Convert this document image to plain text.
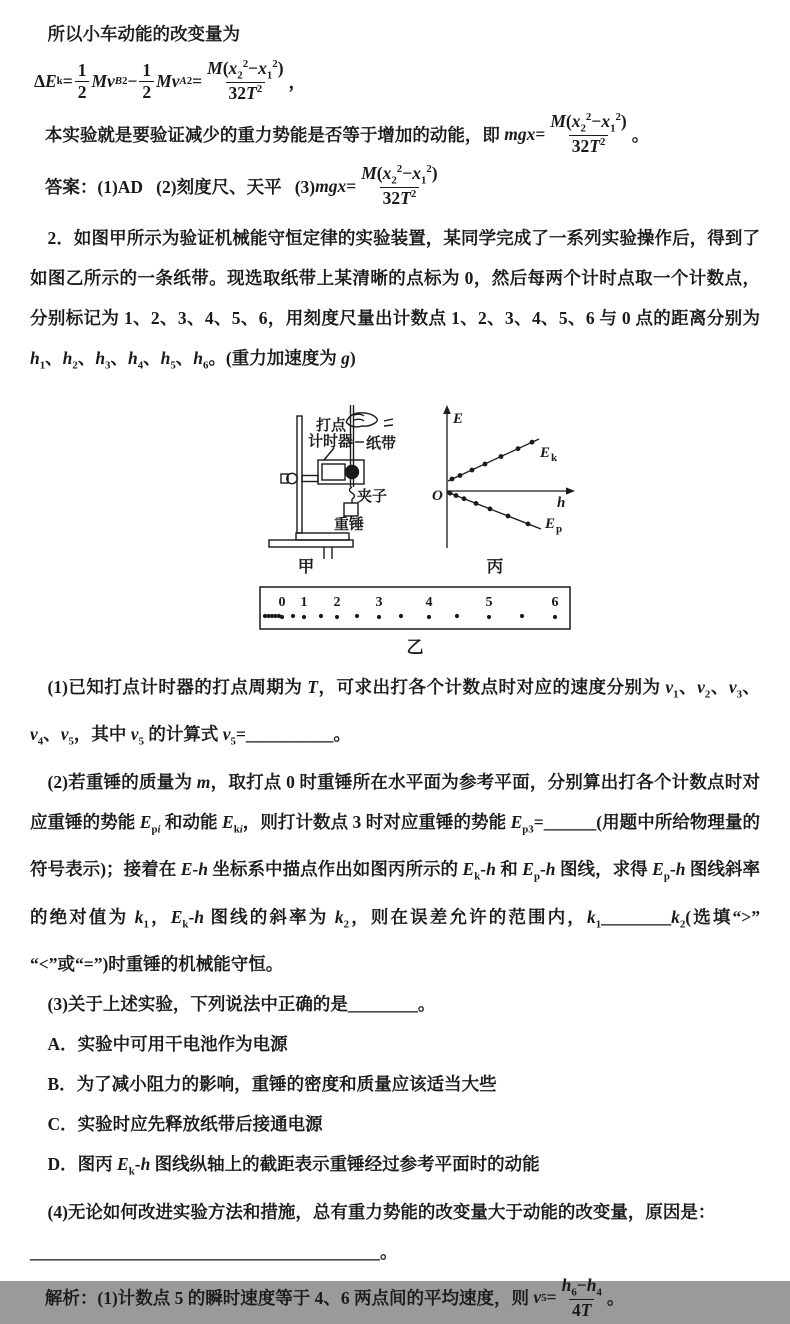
所以小车动能的改变量为

Δ E $k = \frac{1}{2}$ M v B $2 - \frac{1}{2}$ M v A $2 = \frac{M(x_2^2-x_1^2)}{32T^2}$ ，

本实验就是要验证减少的重力势能是否等于增加的动能，即 mgx = $\frac{M(x_2^2-x_1^2)}{32T^2}$ 。

答案： (1)AD   (2)刻度尺、天平   (3) mgx = $\frac{M(x_2^2-x_1^2)}{32T^2}$

2．如图甲所示为验证机械能守恒定律的实验装置，某同学完成了一系列实验操作后，得到了如图乙所示的一条纸带。现选取纸带上某清晰的点标为 0，然后每两个计时点取一个计数点，分别标记为 1、2、3、4、5、6，用刻度尺量出计数点 1、2、3、4、5、6 与 0 点的距离分别为 $h_1$、$h_2$、$h_3$、$h_4$、$h_5$、$h_6$。(重力加速度为 g)

打点
计时器 纸带
夹子
重锤
甲
E
O	h
E k
E p
丙
0 1 2	3	4	5	6
乙

(1)已知打点计时器的打点周期为 T，可求出打各个计数点时对应的速度分别为 $v_1$、$v_2$、$v_3$、$v_4$、$v_5$，其中 $v_5$ 的计算式 $v_5=\_\_\_\_\_\_\_\_\_\_$。

(2)若重锤的质量为 m，取打点 0 时重锤所在水平面为参考平面，分别算出打各个计数点时对应重锤的势能 $E_{pi}$ 和动能 $E_{ki}$，则打计数点 3 时对应重锤的势能 $E_{p3}=\_\_\_\_\_\_$(用题中所给物理量的符号表示)；接着在 E-h 坐标系中描点作出如图丙所示的 $E_k-h$ 和 $E_p-h$ 图线，求得 $E_p-h$ 图线斜率的绝对值为 $k_1$，$E_k-h$ 图线的斜率为 $k_2$，则在误差允许的范围内，$k_1\_\_\_\_\_\_\_\_k_2$(选填“>” “<”或“=”)时重锤的机械能守恒。

(3)关于上述实验，下列说法中正确的是________。

A．实验中可用干电池作为电源

B．为了减小阻力的影响，重锤的密度和质量应该适当大些

C．实验时应先释放纸带后接通电源

D．图丙 $E_k-h$ 图线纵轴上的截距表示重锤经过参考平面时的动能

(4)无论如何改进实验方法和措施，总有重力势能的改变量大于动能的改变量，原因是：

________________________________________。

解析： (1)计数点 5 的瞬时速度等于 4、6 两点间的平均速度，则 v $5 = \frac{h_6-h_4}{4T}$ 。
